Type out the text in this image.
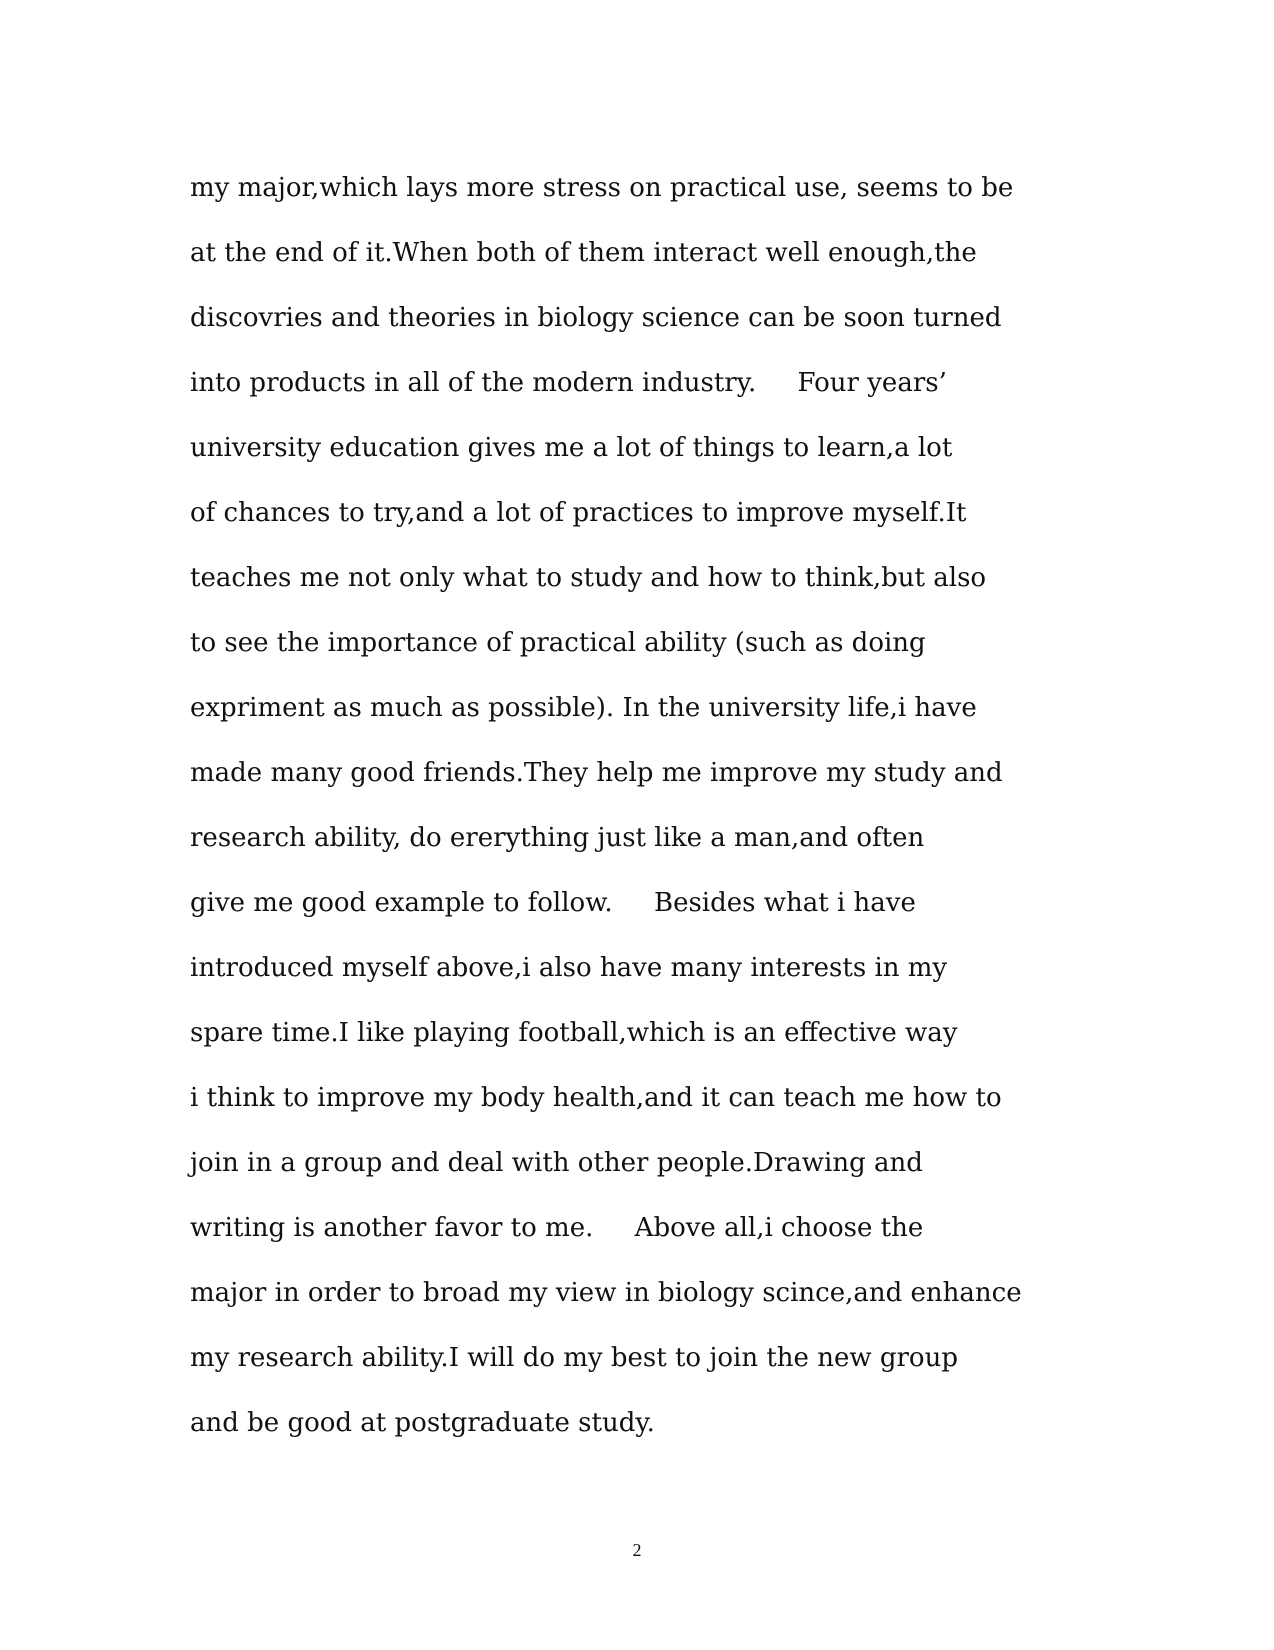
my major,which lays more stress on practical use, seems to be
at the end of it.When both of them interact well enough,the
discovries and theories in biology science can be soon turned
into products in all of the modern industry.     Four years’
university education gives me a lot of things to learn,a lot
of chances to try,and a lot of practices to improve myself.It
teaches me not only what to study and how to think,but also
to see the importance of practical ability (such as doing
expriment as much as possible). In the university life,i have
made many good friends.They help me improve my study and
research ability, do ererything just like a man,and often
give me good example to follow.     Besides what i have
introduced myself above,i also have many interests in my
spare time.I like playing football,which is an effective way
i think to improve my body health,and it can teach me how to
join in a group and deal with other people.Drawing and
writing is another favor to me.     Above all,i choose the
major in order to broad my view in biology scince,and enhance
my research ability.I will do my best to join the new group
and be good at postgraduate study.
2
